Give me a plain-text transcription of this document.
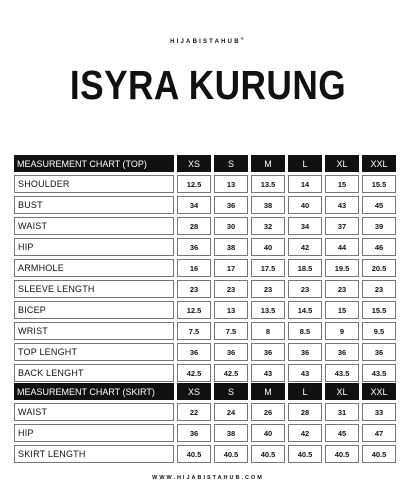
HIJABISTAHUB®
ISYRA KURUNG
MEASUREMENT CHART (TOP)	XS	S	M	L	XL	XXL
SHOULDER	12.5	13	13.5	14	15	15.5
BUST	34	36	38	40	43	45
WAIST	28	30	32	34	37	39
HIP	36	38	40	42	44	46
ARMHOLE	16	17	17.5	18.5	19.5	20.5
SLEEVE LENGTH	23	23	23	23	23	23
BICEP	12.5	13	13.5	14.5	15	15.5
WRIST	7.5	7.5	8	8.5	9	9.5
TOP LENGHT	36	36	36	36	36	36
BACK LENGHT	42.5	42.5	43	43	43.5	43.5
MEASUREMENT CHART (SKIRT)	XS	S	M	L	XL	XXL
WAIST	22	24	26	28	31	33
HIP	36	38	40	42	45	47
SKIRT LENGTH	40.5	40.5	40.5	40.5	40.5	40.5
WWW.HIJABISTAHUB.COM
